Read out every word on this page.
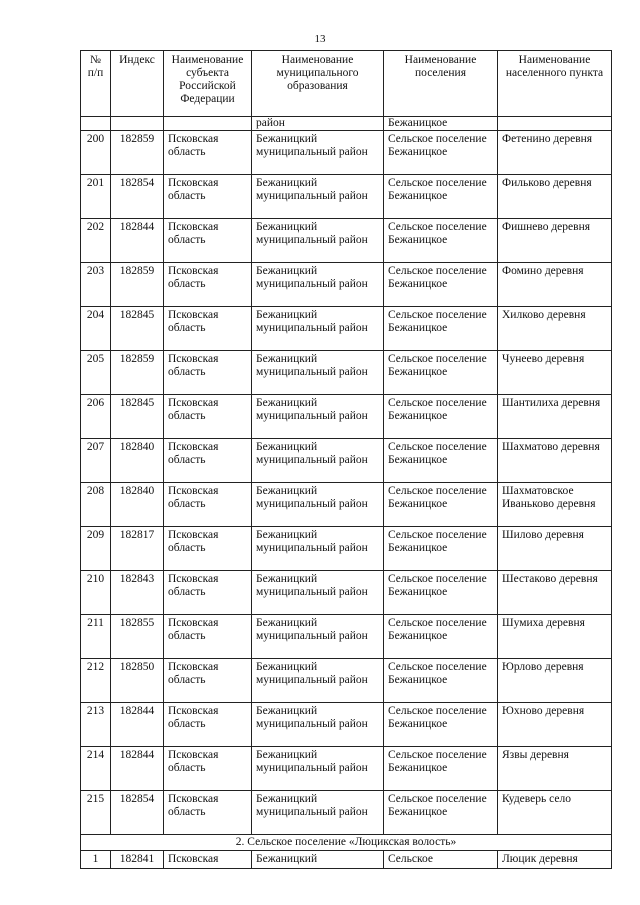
13
№ п/п	Индекс	Наименование субъекта Российской Федерации	Наименование муниципального образования	Наименование поселения	Наименование населенного пункта
			район	Бежаницкое	
200	182859	Псковская область	Бежаницкий муниципальный район	Сельское поселение Бежаницкое	Фетенино деревня
201	182854	Псковская область	Бежаницкий муниципальный район	Сельское поселение Бежаницкое	Фильково деревня
202	182844	Псковская область	Бежаницкий муниципальный район	Сельское поселение Бежаницкое	Фишнево деревня
203	182859	Псковская область	Бежаницкий муниципальный район	Сельское поселение Бежаницкое	Фомино деревня
204	182845	Псковская область	Бежаницкий муниципальный район	Сельское поселение Бежаницкое	Хилково деревня
205	182859	Псковская область	Бежаницкий муниципальный район	Сельское поселение Бежаницкое	Чунеево деревня
206	182845	Псковская область	Бежаницкий муниципальный район	Сельское поселение Бежаницкое	Шантилиха деревня
207	182840	Псковская область	Бежаницкий муниципальный район	Сельское поселение Бежаницкое	Шахматово деревня
208	182840	Псковская область	Бежаницкий муниципальный район	Сельское поселение Бежаницкое	Шахматовское Иваньково деревня
209	182817	Псковская область	Бежаницкий муниципальный район	Сельское поселение Бежаницкое	Шилово деревня
210	182843	Псковская область	Бежаницкий муниципальный район	Сельское поселение Бежаницкое	Шестаково деревня
211	182855	Псковская область	Бежаницкий муниципальный район	Сельское поселение Бежаницкое	Шумиха деревня
212	182850	Псковская область	Бежаницкий муниципальный район	Сельское поселение Бежаницкое	Юрлово деревня
213	182844	Псковская область	Бежаницкий муниципальный район	Сельское поселение Бежаницкое	Юхново деревня
214	182844	Псковская область	Бежаницкий муниципальный район	Сельское поселение Бежаницкое	Язвы деревня
215	182854	Псковская область	Бежаницкий муниципальный район	Сельское поселение Бежаницкое	Кудеверь село
2. Сельское поселение «Люцикская волость»					
1	182841	Псковская	Бежаницкий	Сельское	Люцик деревня
